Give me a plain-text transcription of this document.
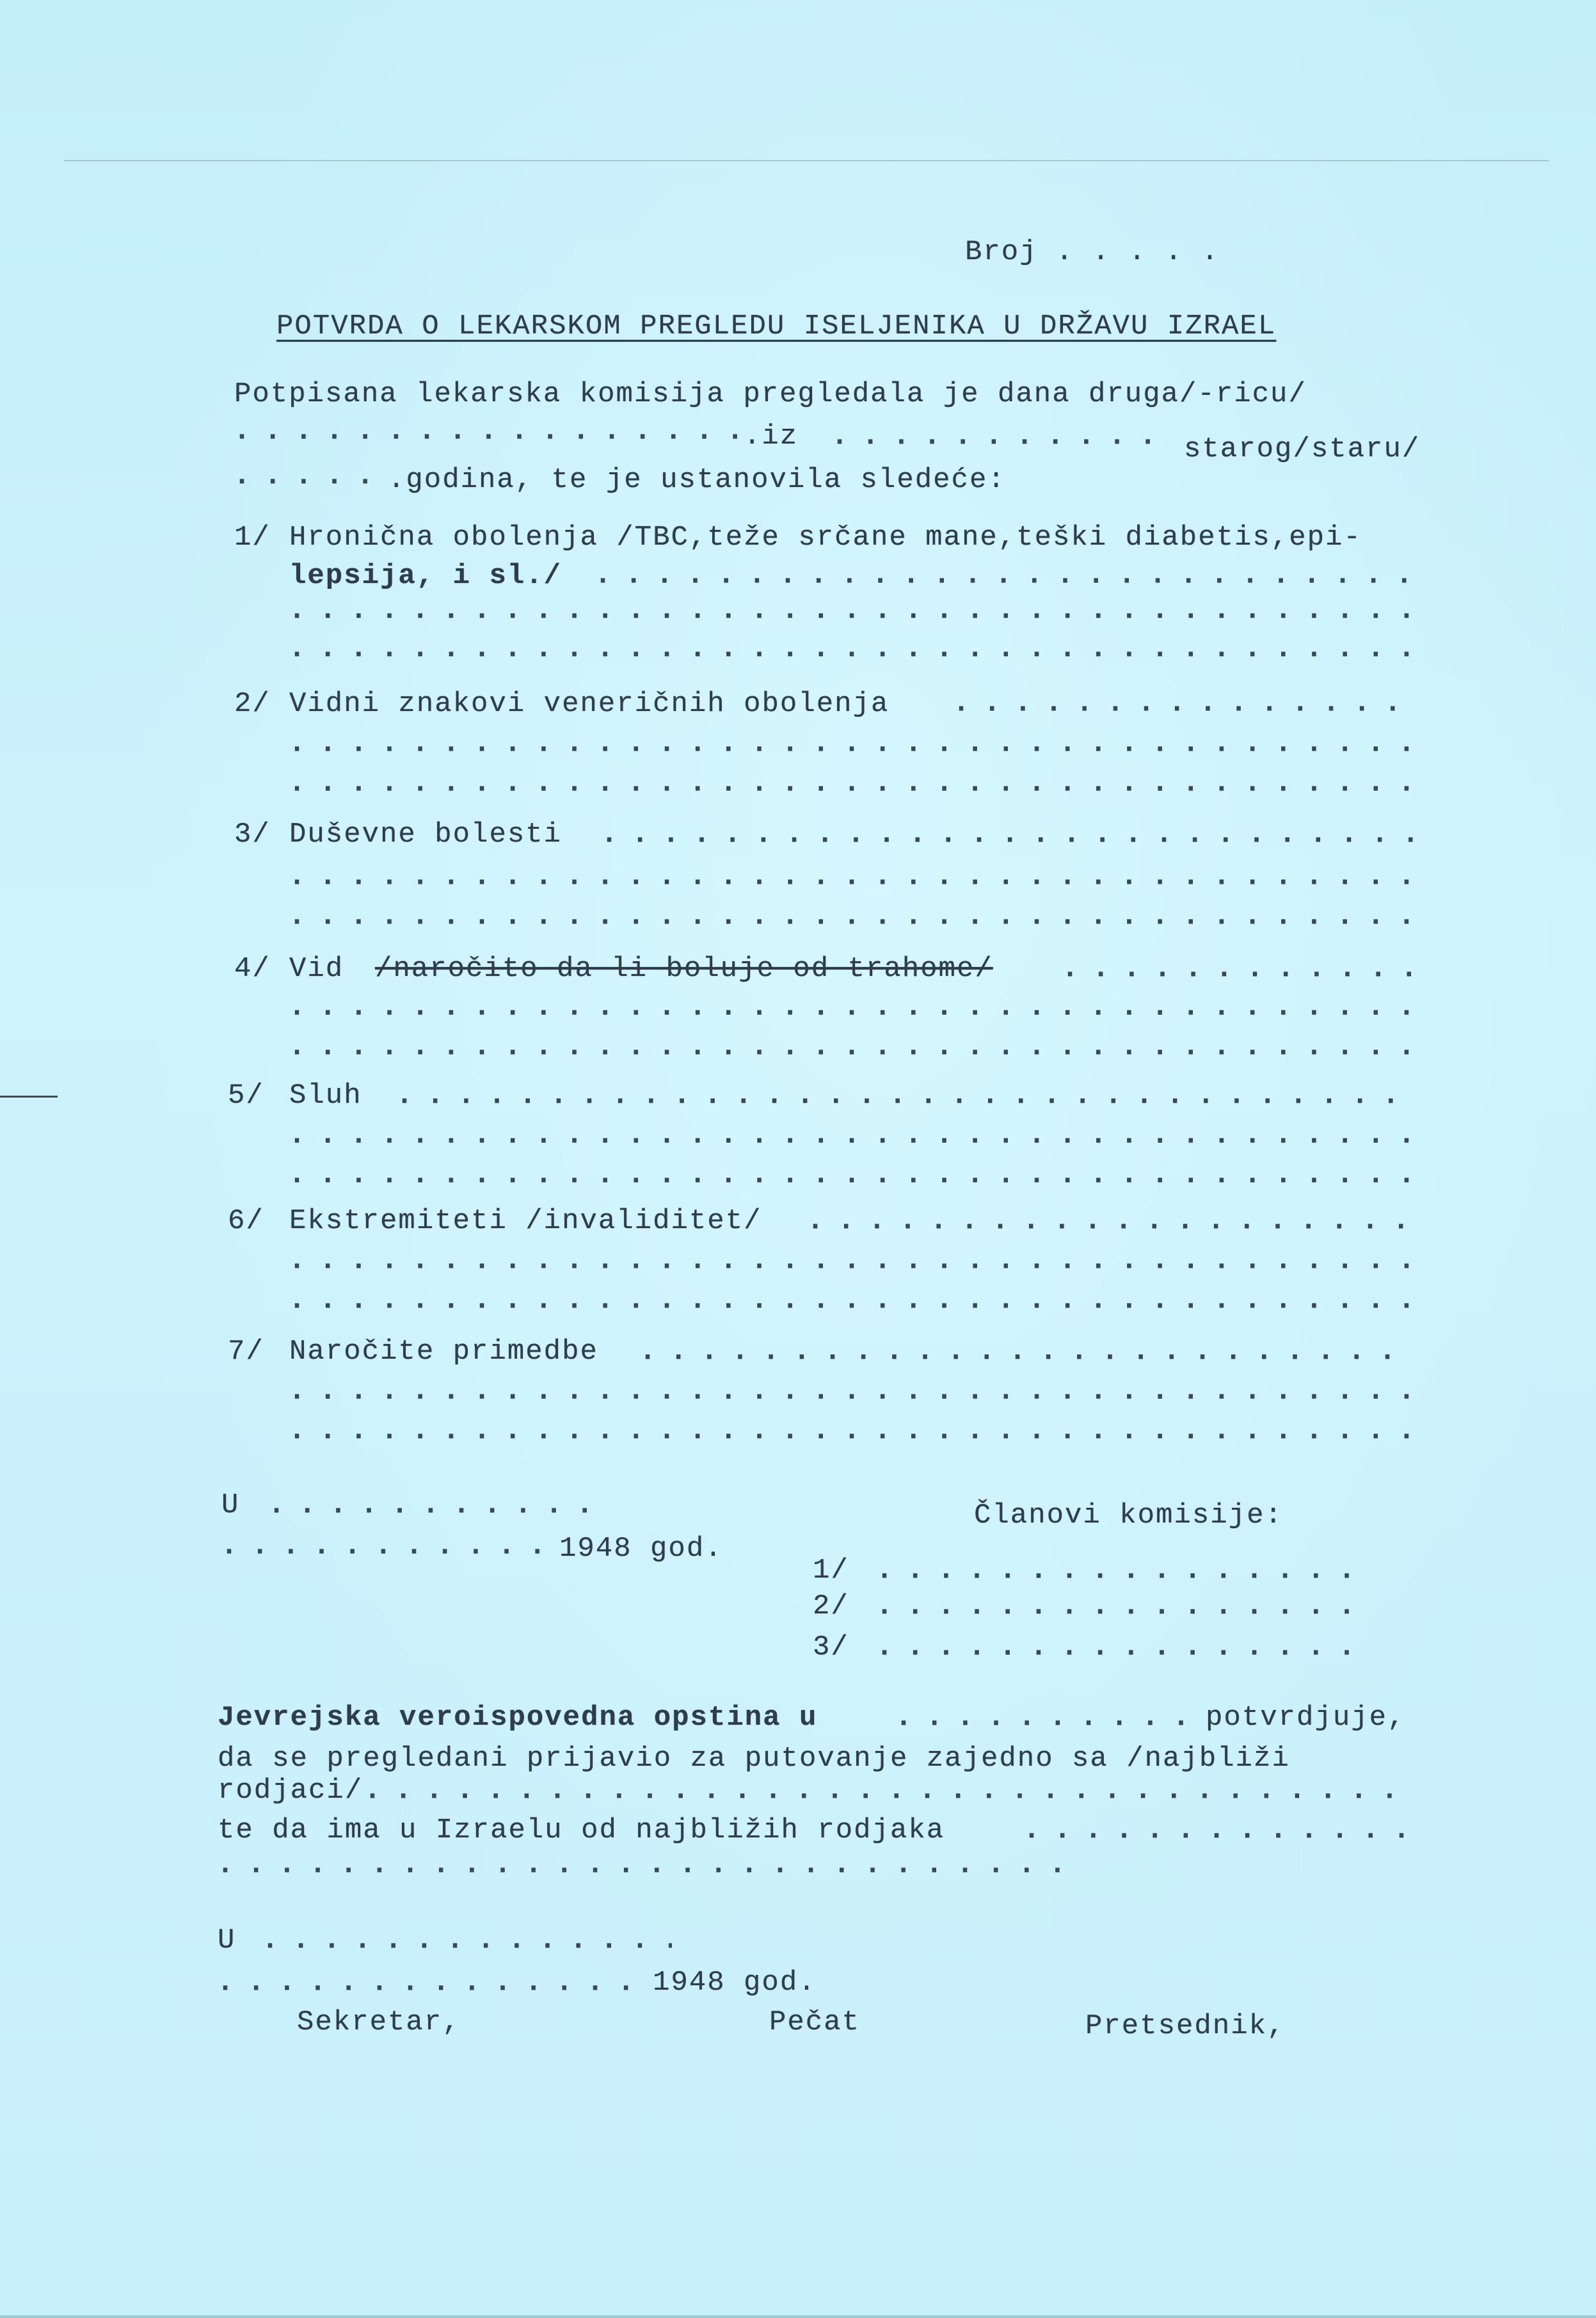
Broj . . . . .
POTVRDA O LEKARSKOM PREGLEDU ISELJENIKA U DRŽAVU IZRAEL
Potpisana lekarska komisija pregledala je dana druga/-ricu/
· ·
.iz · ·	starog/staru/
· ·
.godina, te je ustanovila sledeće:
1/ Hronična obolenja /TBC,teže srčane mane,teški diabetis,epi-
lepsija, i sl./
· ·
· ·
· ·
2/ Vidni znakovi veneričnih obolenja
· ·
· ·
· ·
3/ Duševne bolesti
· ·
· ·
· ·
4/ Vid /naročito da li boluje od trahome/
· ·
· ·
· ·
5/ Sluh
· ·
· ·
· ·
6/ Ekstremiteti /invaliditet/
· ·
· ·
· ·
7/ Naročite primedbe
· ·
· ·
· ·
U
· ·
· ·
1948 god.
Članovi komisije:
1/
· ·
2/
· ·
3/
· ·
Jevrejska veroispovedna opstina u · ·	potvrdjuje,
da se pregledani prijavio za putovanje zajedno sa /najbliži
rodjaci/
· ·
te da ima u Izraelu od najbližih rodjaka
· ·
· ·
U
· ·
· ·
1948 god.
Sekretar,	Pečat	Pretsednik,
